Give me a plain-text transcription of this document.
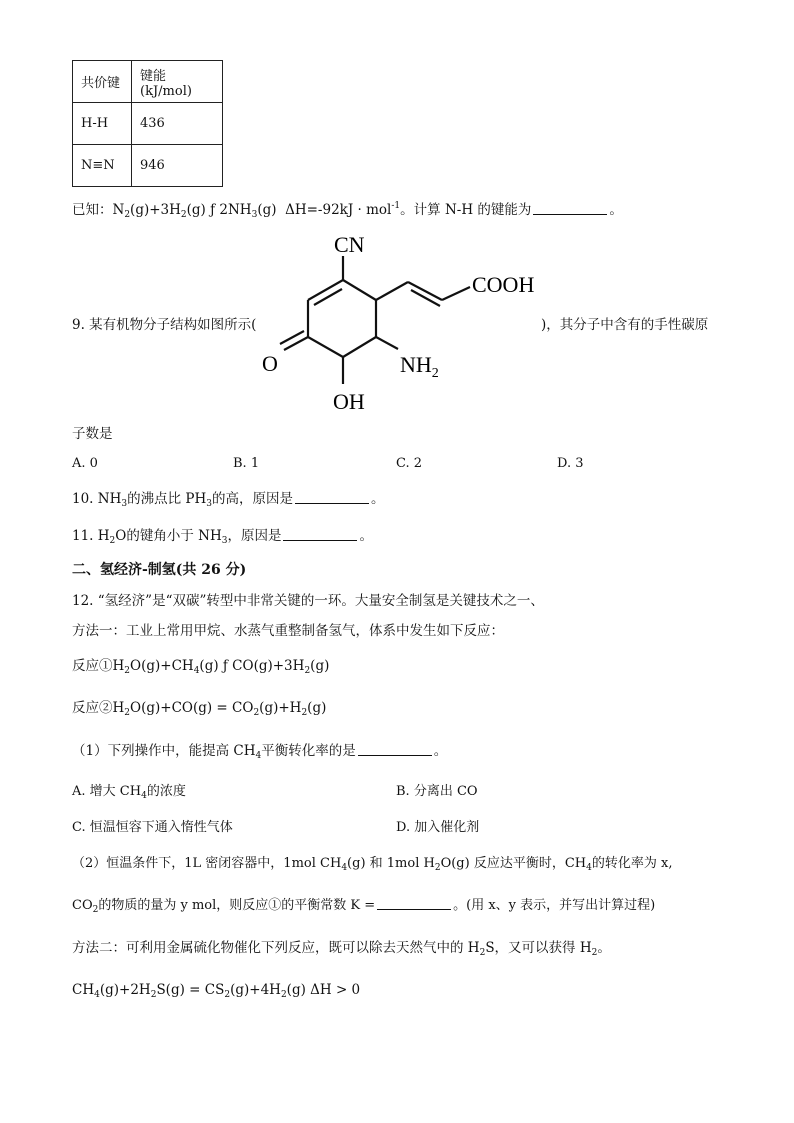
共价键	键能(kJ/mol)
H-H	436
N≡N	946
已知：$N_2(g)+3H_2(g)$ ƒ $2NH_3(g) \Delta H=-92kJ \cdot mol^{-1}$。计算 N-H 的键能为	。
CN
COOH
O	$NH_2$
OH
9. 某有机物分子结构如图所示(	)，其分子中含有的手性碳原
子数是
A. 0	B. 1	C. 2	D. 3
10. $NH_3$的沸点比 $PH_3$的高，原因是	。
11. $H_2O$的键角小于 $NH_3$，原因是	。
二、氢经济-制氢(共 26 分)
12. “氢经济”是“双碳”转型中非常关键的一环。大量安全制氢是关键技术之一、
方法一：工业上常用甲烷、水蒸气重整制备氢气，体系中发生如下反应：
反应$①H_2O(g)+CH_4(g)$ ƒ $CO(g)+3H_2(g)$
反应$②H_2O(g)+CO(g) = CO_2(g)+H_2(g)$
（1）下列操作中，能提高 $CH_4$平衡转化率的是	。
A. 增大 $CH_4$的浓度	B. 分离出 CO
C. 恒温恒容下通入惰性气体	D. 加入催化剂
（2）恒温条件下，1L 密闭容器中，1mol $CH_4(g)$ 和 1mol $H_2O(g)$ 反应达平衡时，$CH_4$的转化率为 x,
$CO_2$的物质的量为 y mol，则反应①的平衡常数 K =	。(用 x、y 表示，并写出计算过程)
方法二：可利用金属硫化物催化下列反应，既可以除去天然气中的 $H_2S$，又可以获得 $H_2$。
$CH_4(g)+2H_2S(g) = CS_2(g)+4H_2(g) \Delta H > 0$
